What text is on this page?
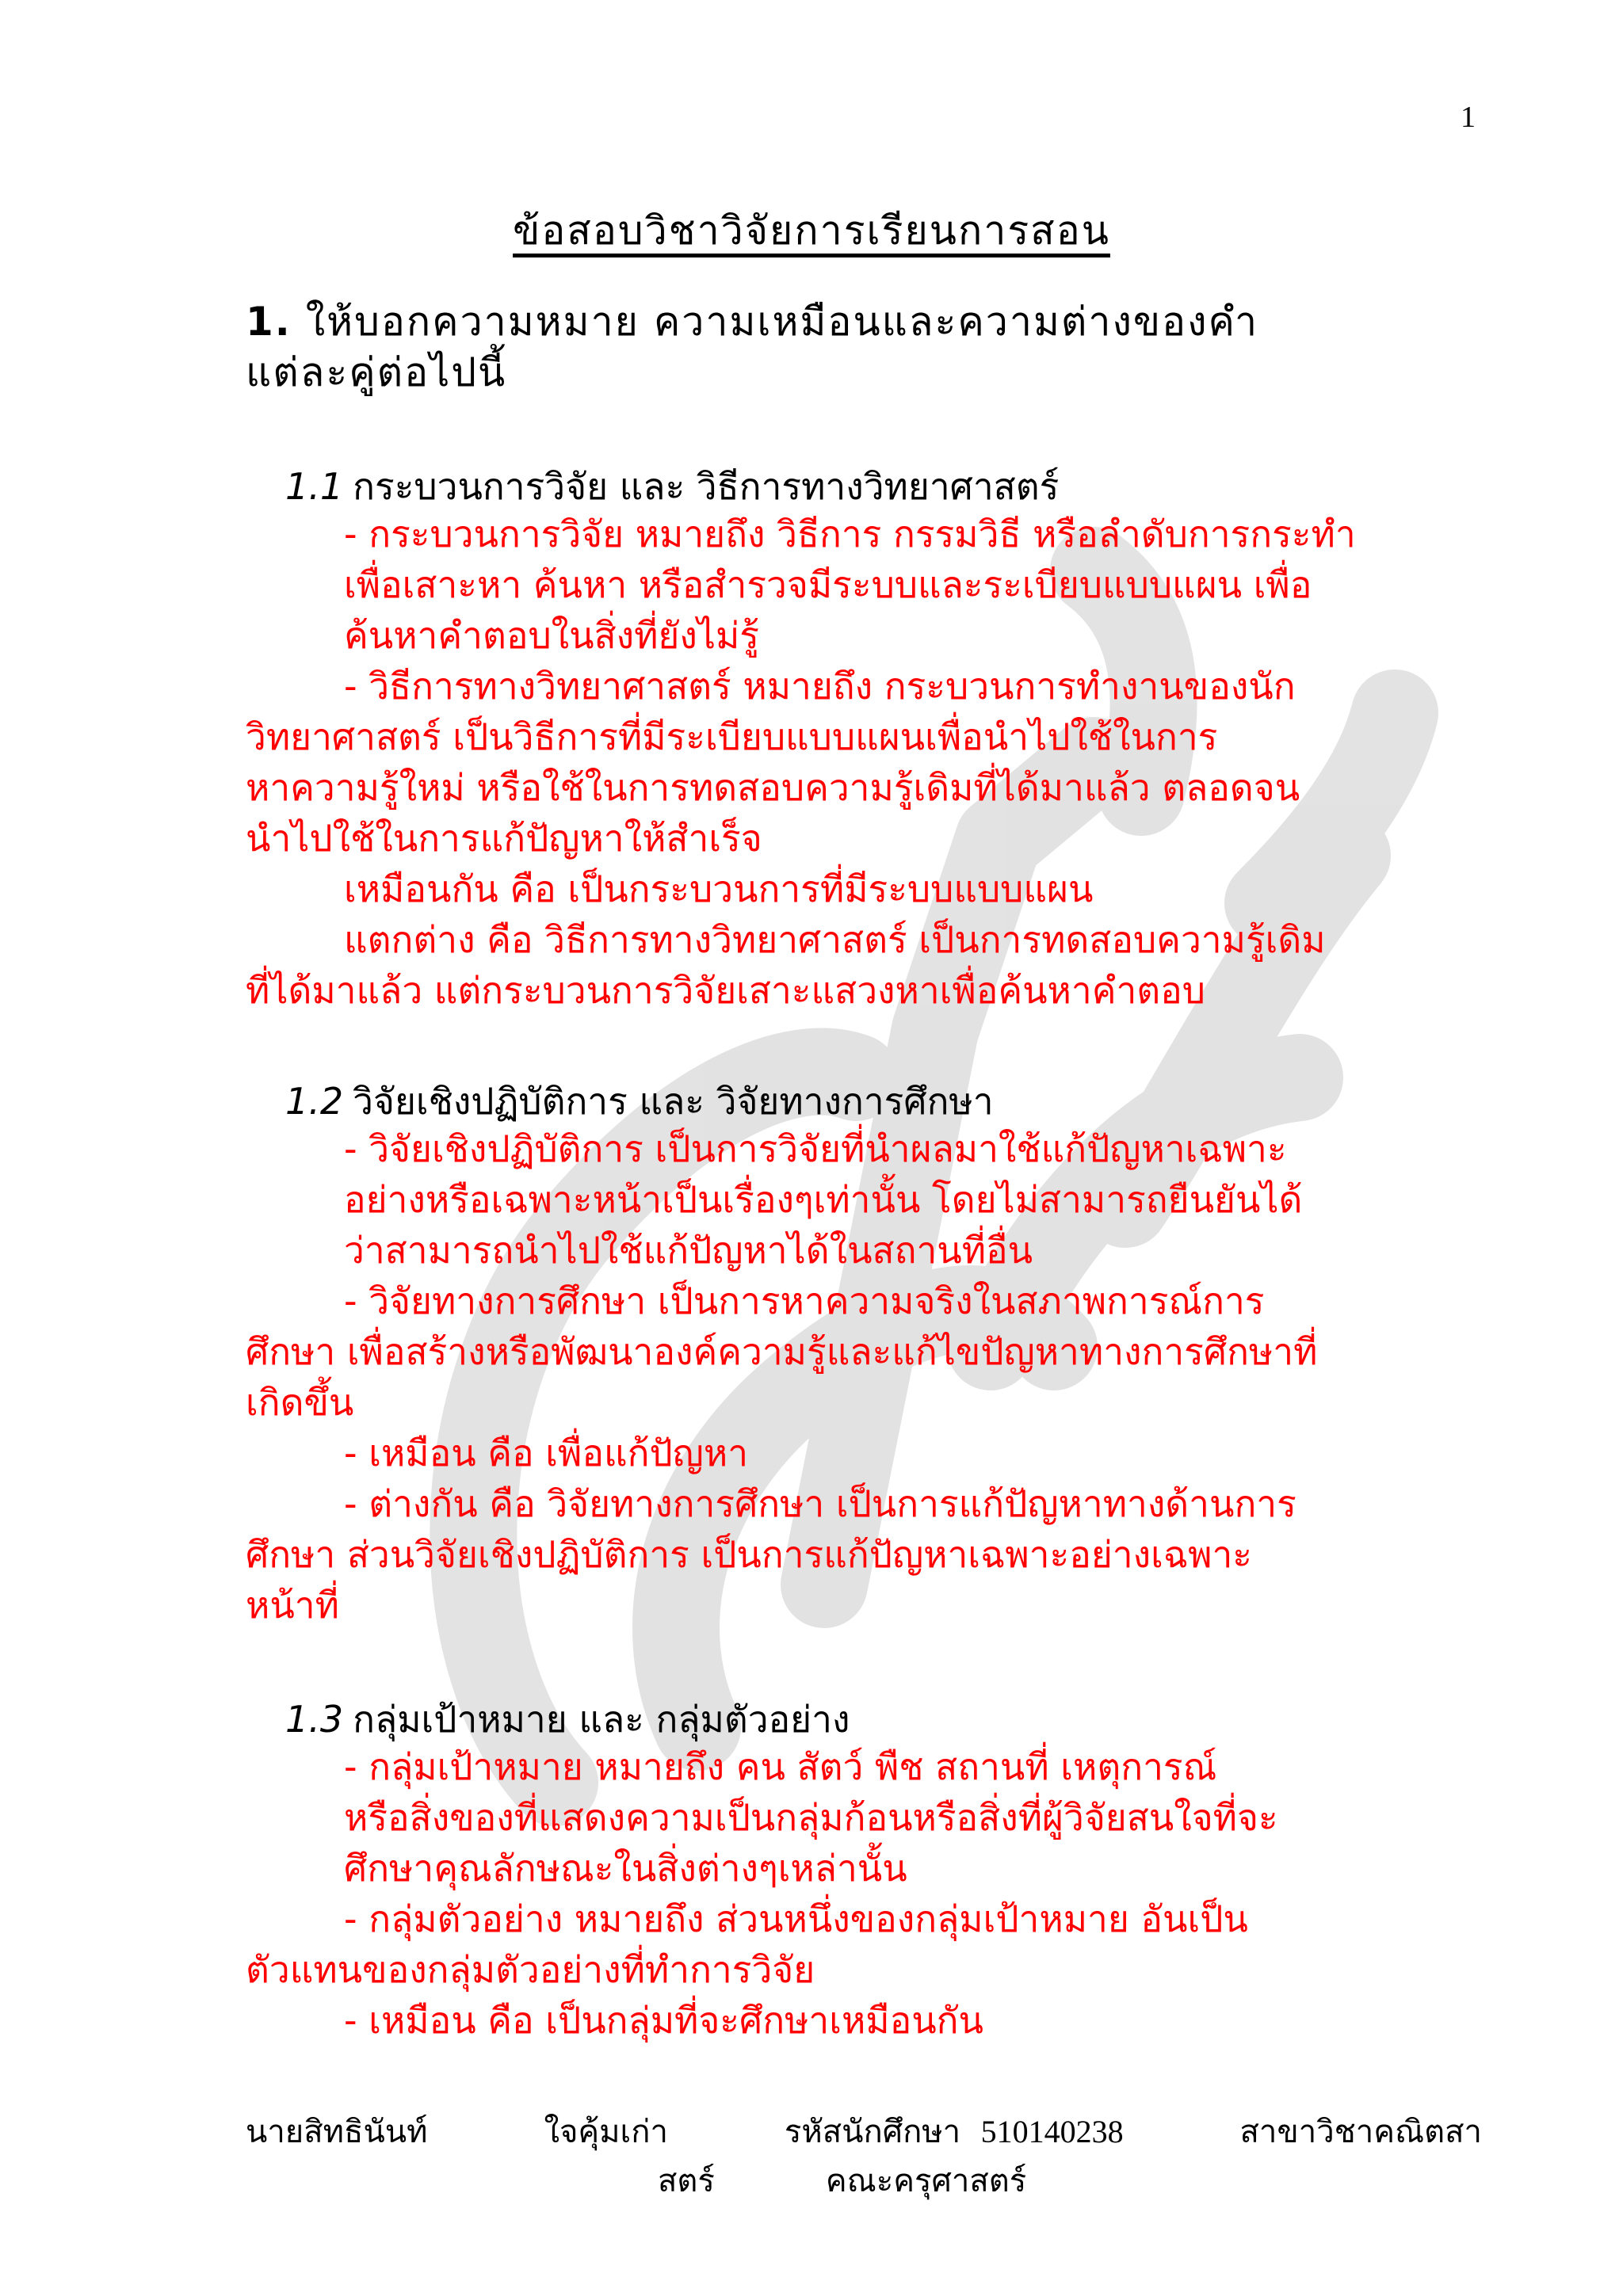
1
ข้อสอบวิชาวิจัยการเรียนการสอน
1. ให้บอกความหมาย ความเหมือนและความต่างของคำ
แต่ละคู่ต่อไปนี้
1.1 กระบวนการวิจัย และ วิธีการทางวิทยาศาสตร์

- กระบวนการวิจัย หมายถึง วิธีการ กรรมวิธี หรือลำดับการกระทำ

เพื่อเสาะหา ค้นหา หรือสำรวจมีระบบและระเบียบแบบแผน เพื่อ

ค้นหาคำตอบในสิ่งที่ยังไม่รู้

- วิธีการทางวิทยาศาสตร์ หมายถึง กระบวนการทำงานของนัก

วิทยาศาสตร์ เป็นวิธีการที่มีระเบียบแบบแผนเพื่อนำไปใช้ในการ

หาความรู้ใหม่ หรือใช้ในการทดสอบความรู้เดิมที่ได้มาแล้ว ตลอดจน

นำไปใช้ในการแก้ปัญหาให้สำเร็จ

เหมือนกัน คือ เป็นกระบวนการที่มีระบบแบบแผน

แตกต่าง คือ วิธีการทางวิทยาศาสตร์ เป็นการทดสอบความรู้เดิม

ที่ได้มาแล้ว แต่กระบวนการวิจัยเสาะแสวงหาเพื่อค้นหาคำตอบ

1.2 วิจัยเชิงปฏิบัติการ และ วิจัยทางการศึกษา

- วิจัยเชิงปฏิบัติการ เป็นการวิจัยที่นำผลมาใช้แก้ปัญหาเฉพาะ

อย่างหรือเฉพาะหน้าเป็นเรื่องๆเท่านั้น โดยไม่สามารถยืนยันได้

ว่าสามารถนำไปใช้แก้ปัญหาได้ในสถานที่อื่น

- วิจัยทางการศึกษา เป็นการหาความจริงในสภาพการณ์การ

ศึกษา เพื่อสร้างหรือพัฒนาองค์ความรู้และแก้ไขปัญหาทางการศึกษาที่

เกิดขึ้น

- เหมือน คือ เพื่อแก้ปัญหา

- ต่างกัน คือ วิจัยทางการศึกษา เป็นการแก้ปัญหาทางด้านการ

ศึกษา ส่วนวิจัยเชิงปฏิบัติการ เป็นการแก้ปัญหาเฉพาะอย่างเฉพาะ

หน้าที่

1.3 กลุ่มเป้าหมาย และ กลุ่มตัวอย่าง

- กลุ่มเป้าหมาย หมายถึง คน สัตว์ พืช สถานที่ เหตุการณ์

หรือสิ่งของที่แสดงความเป็นกลุ่มก้อนหรือสิ่งที่ผู้วิจัยสนใจที่จะ

ศึกษาคุณลักษณะในสิ่งต่างๆเหล่านั้น

- กลุ่มตัวอย่าง หมายถึง ส่วนหนึ่งของกลุ่มเป้าหมาย อันเป็น

ตัวแทนของกลุ่มตัวอย่างที่ทำการวิจัย

- เหมือน คือ เป็นกลุ่มที่จะศึกษาเหมือนกัน

นายสิทธินันท์	ใจคุ้มเก่า	รหัสนักศึกษา 510140238	สาขาวิชาคณิตสา
สตร์	คณะครุศาสตร์
